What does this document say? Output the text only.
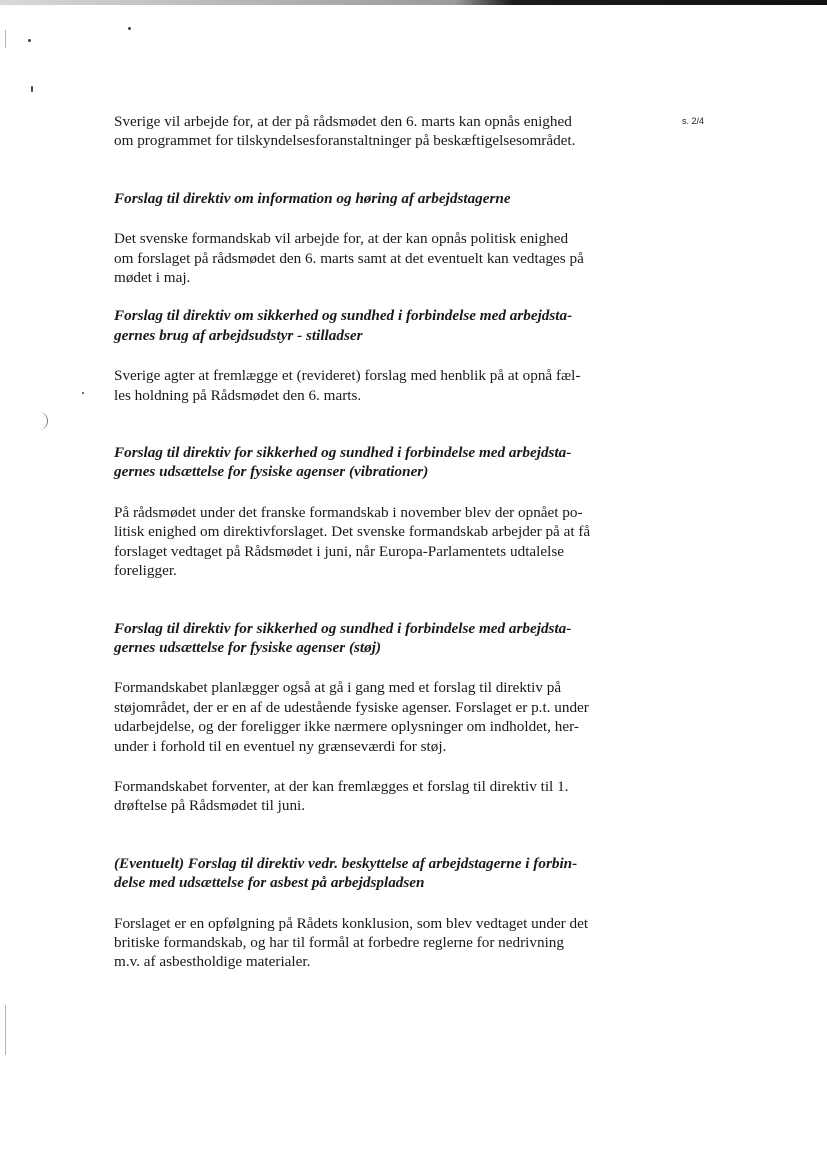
s. 2/4

Sverige vil arbejde for, at der på rådsmødet den 6. marts kan opnås enighed
om programmet for tilskyndelsesforanstaltninger på beskæftigelsesområdet.

Forslag til direktiv om information og høring af arbejdstagerne

Det svenske formandskab vil arbejde for, at der kan opnås politisk enighed
om forslaget på rådsmødet den 6. marts samt at det eventuelt kan vedtages på
mødet i maj.

Forslag til direktiv om sikkerhed og sundhed i forbindelse med arbejdsta-
gernes brug af arbejdsudstyr - stilladser

Sverige agter at fremlægge et (revideret) forslag med henblik på at opnå fæl-
les holdning på Rådsmødet den 6. marts.

Forslag til direktiv for sikkerhed og sundhed i forbindelse med arbejdsta-
gernes udsættelse for fysiske agenser (vibrationer)

På rådsmødet under det franske formandskab i november blev der opnået po-
litisk enighed om direktivforslaget. Det svenske formandskab arbejder på at få
forslaget vedtaget på Rådsmødet i juni, når Europa-Parlamentets udtalelse
foreligger.

Forslag til direktiv for sikkerhed og sundhed i forbindelse med arbejdsta-
gernes udsættelse for fysiske agenser (støj)

Formandskabet planlægger også at gå i gang med et forslag til direktiv på
støjområdet, der er en af de udestående fysiske agenser. Forslaget er p.t. under
udarbejdelse, og der foreligger ikke nærmere oplysninger om indholdet, her-
under i forhold til en eventuel ny grænseværdi for støj.

Formandskabet forventer, at der kan fremlægges et forslag til direktiv til 1.
drøftelse på Rådsmødet til juni.

(Eventuelt) Forslag til direktiv vedr. beskyttelse af arbejdstagerne i forbin-
delse med udsættelse for asbest på arbejdspladsen

Forslaget er en opfølgning på Rådets konklusion, som blev vedtaget under det
britiske formandskab, og har til formål at forbedre reglerne for nedrivning
m.v. af asbestholdige materialer.
